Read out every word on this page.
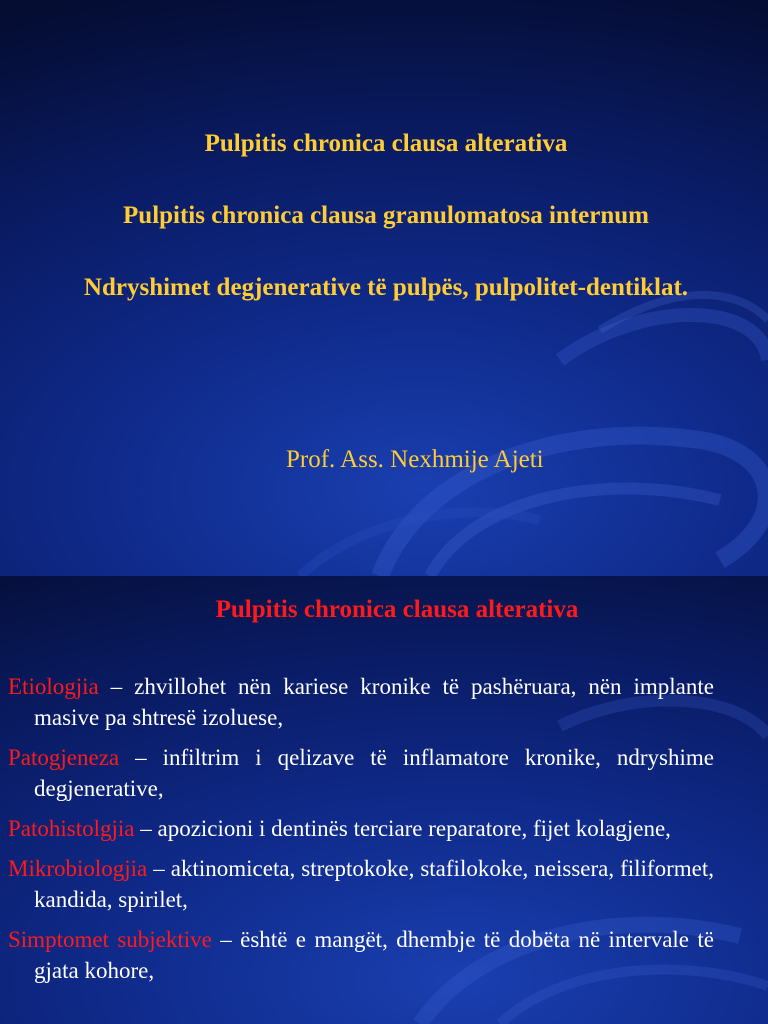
Pulpitis chronica clausa alterativa

Pulpitis chronica clausa granulomatosa internum

Ndryshimet degjenerative të pulpës, pulpolitet-dentiklat.

Prof. Ass. Nexhmije Ajeti
Pulpitis chronica clausa alterativa
Etiologjia – zhvillohet nën kariese kronike të pashëruara, nën implante masive pa shtresë izoluese,
Patogjeneza – infiltrim i qelizave të inflamatore kronike, ndryshime degjenerative,
Patohistolgjia – apozicioni i dentinës terciare reparatore, fijet kolagjene,
Mikrobiologjia – aktinomiceta, streptokoke, stafilokoke, neissera, filiformet, kandida, spirilet,
Simptomet subjektive – është e mangët, dhembje të dobëta në intervale të gjata kohore,
